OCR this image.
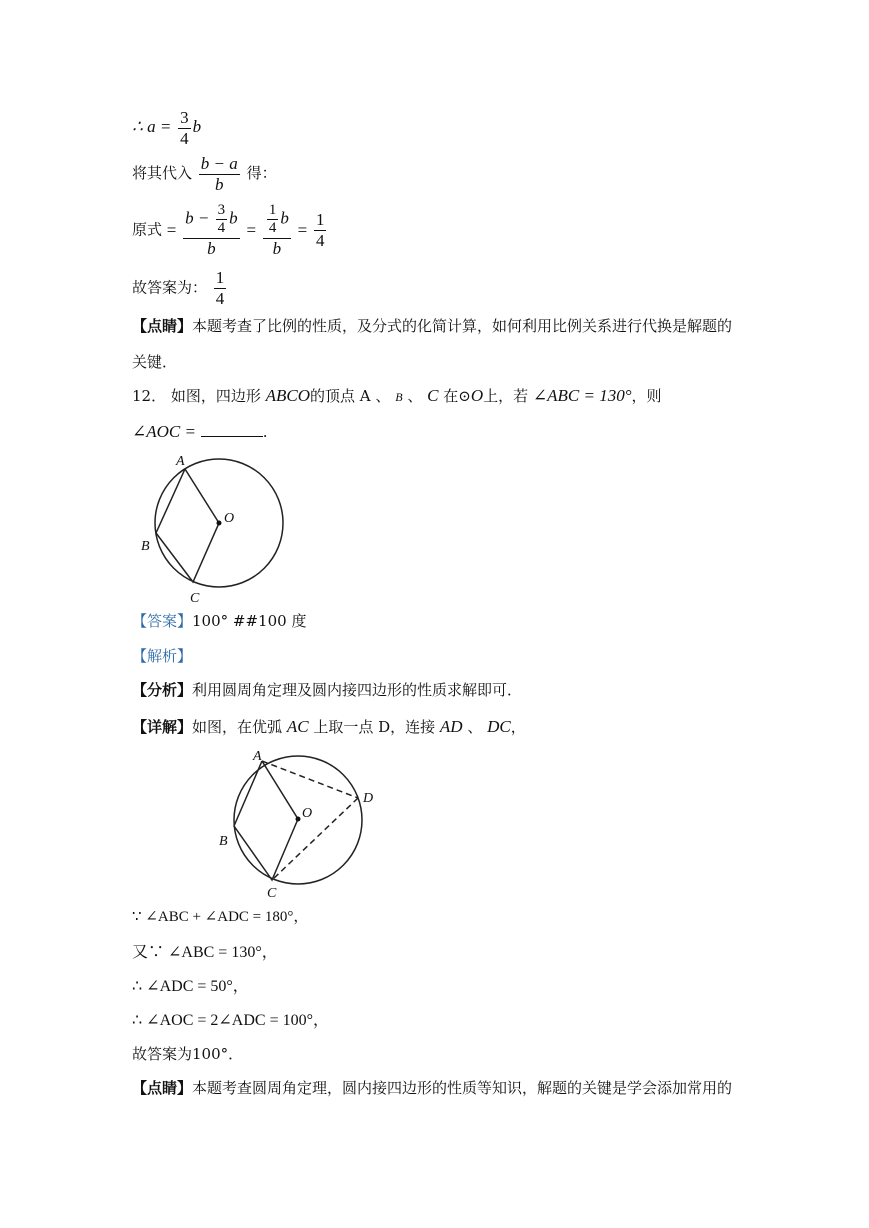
∴ $a = \frac{3}{4}$ b
将其代入 $\frac{b - a}{b}$ 得：
原式 = $\frac{b - \frac{3}{4} b}{b} = \frac{\frac{1}{4} b}{b} = \frac{1}{4}$
故答案为： $\frac{1}{4}$
【点睛】本题考查了比例的性质，及分式的化简计算，如何利用比例关系进行代换是解题的
关键．
12． 如图，四边形 ABCO的顶点 A 、 B 、 C 在⊙O上，若 ∠ABC = 130°，则
∠AOC =	.
A
B
C
O
【答案】100° ##100 度
【解析】
【分析】利用圆周角定理及圆内接四边形的性质求解即可．
【详解】如图，在优弧 AC 上取一点 D，连接 AD 、 DC，
A
B
C
O
D
∵ ∠ABC + ∠ADC = 180°，
又∵ ∠ABC = 130°，
∴ ∠ADC = 50°，
∴ ∠AOC = 2∠ADC = 100°，
故答案为100°．
【点睛】本题考查圆周角定理，圆内接四边形的性质等知识，解题的关键是学会添加常用的
